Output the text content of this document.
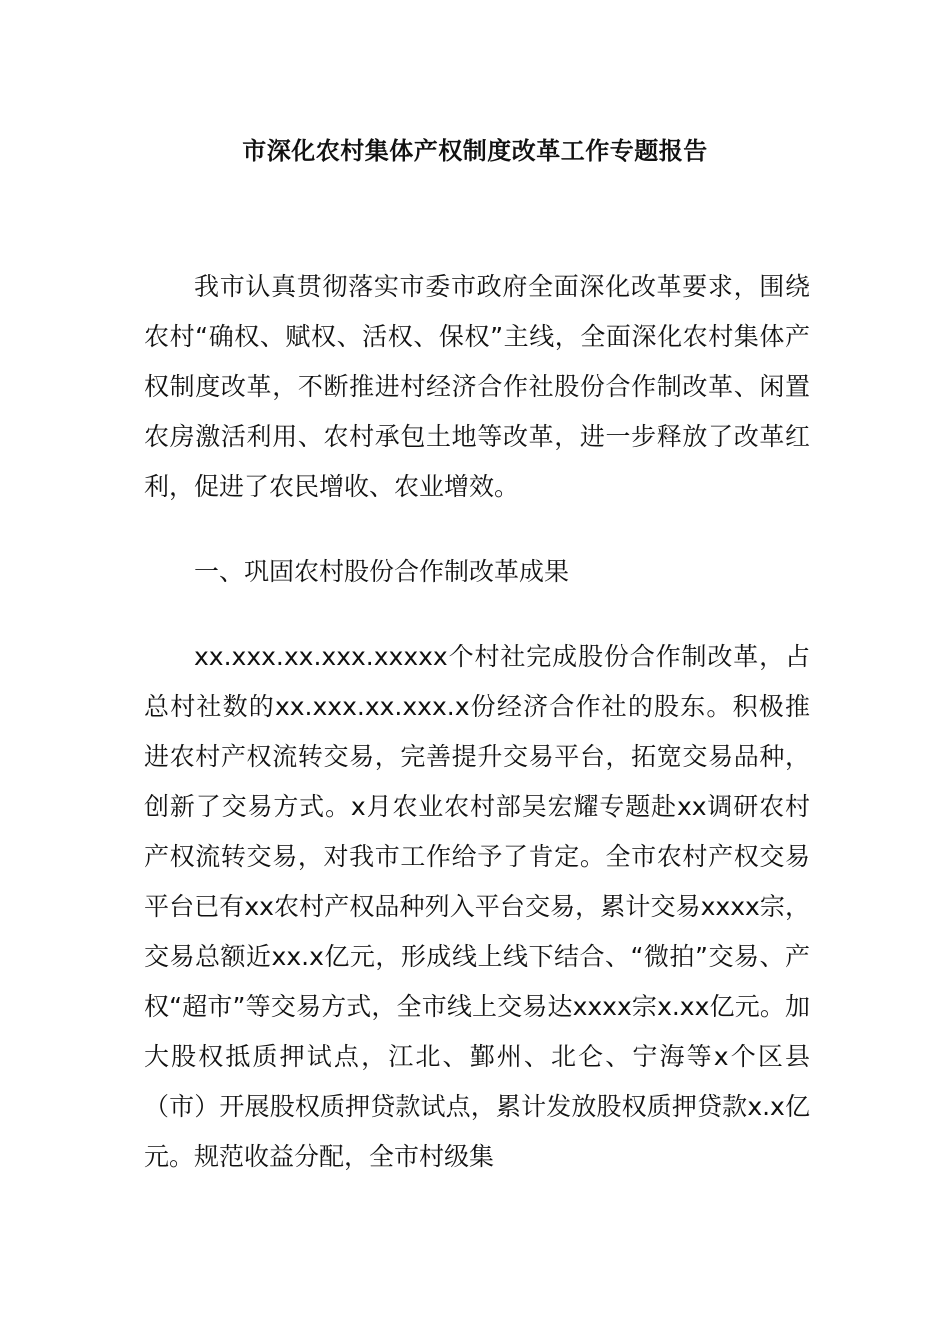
市深化农村集体产权制度改革工作专题报告

我市认真贯彻落实市委市政府全面深化改革要求，围绕农村“确权、赋权、活权、保权”主线，全面深化农村集体产权制度改革，不断推进村经济合作社股份合作制改革、闲置农房激活利用、农村承包土地等改革，进一步释放了改革红利，促进了农民增收、农业增效。

一、巩固农村股份合作制改革成果

xx.xxx.xx.xxx.xxxxx个村社完成股份合作制改革，占总村社数的xx.xxx.xx.xxx.x份经济合作社的股东。积极推进农村产权流转交易，完善提升交易平台，拓宽交易品种，创新了交易方式。x月农业农村部吴宏耀专题赴xx调研农村产权流转交易，对我市工作给予了肯定。全市农村产权交易平台已有xx农村产权品种列入平台交易，累计交易xxxx宗，交易总额近xx.x亿元，形成线上线下结合、“微拍”交易、产权“超市”等交易方式，全市线上交易达xxxx宗x.xx亿元。加大股权抵质押试点，江北、鄞州、北仑、宁海等x个区县（市）开展股权质押贷款试点，累计发放股权质押贷款x.x亿元。规范收益分配，全市村级集
